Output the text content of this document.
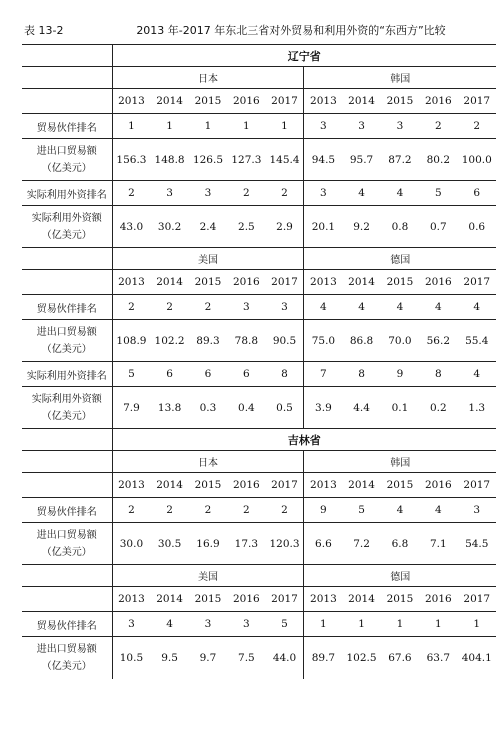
表 13-2	2013 年-2017 年东北三省对外贸易和利用外资的“东西方”比较
	辽宁省									
	日本					韩国				
	2013	2014	2015	2016	2017	2013	2014	2015	2016	2017
贸易伙伴排名	1	1	1	1	1	3	3	3	2	2

进出口贸易额
（亿美元）	156.3	148.8	126.5	127.3	145.4	94.5	95.7	87.2	80.2	100.0
实际利用外资排名	2	3	3	2	2	3	4	4	5	6

实际利用外资额
（亿美元）	43.0	30.2	2.4	2.5	2.9	20.1	9.2	0.8	0.7	0.6
	美国					德国				
	2013	2014	2015	2016	2017	2013	2014	2015	2016	2017
贸易伙伴排名	2	2	2	3	3	4	4	4	4	4

进出口贸易额
（亿美元）	108.9	102.2	89.3	78.8	90.5	75.0	86.8	70.0	56.2	55.4
实际利用外资排名	5	6	6	6	8	7	8	9	8	4

实际利用外资额
（亿美元）	7.9	13.8	0.3	0.4	0.5	3.9	4.4	0.1	0.2	1.3
	吉林省									
	日本					韩国				
	2013	2014	2015	2016	2017	2013	2014	2015	2016	2017
贸易伙伴排名	2	2	2	2	2	9	5	4	4	3

进出口贸易额
（亿美元）	30.0	30.5	16.9	17.3	120.3	6.6	7.2	6.8	7.1	54.5
	美国					德国				
	2013	2014	2015	2016	2017	2013	2014	2015	2016	2017
贸易伙伴排名	3	4	3	3	5	1	1	1	1	1

进出口贸易额
（亿美元）	10.5	9.5	9.7	7.5	44.0	89.7	102.5	67.6	63.7	404.1
